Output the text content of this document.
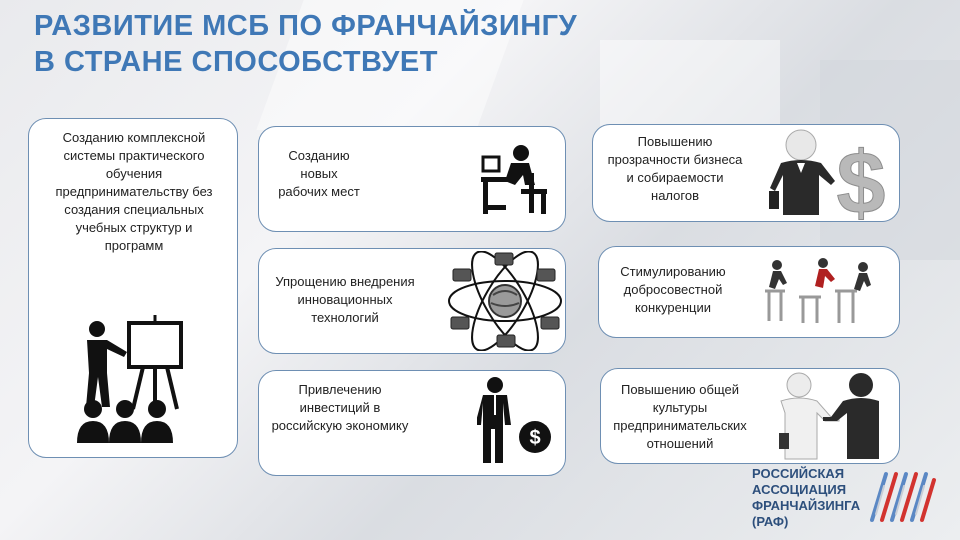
РАЗВИТИЕ МСБ ПО ФРАНЧАЙЗИНГУ
В СТРАНЕ СПОСОБСТВУЕТ
Созданию комплексной
системы практического
обучения
предпринимательству без
создания специальных
учебных структур и
программ
Созданию
новых
рабочих мест
Упрощению внедрения
инновационных
технологий
Привлечению
инвестиций в
российскую экономику
$
Повышению
прозрачности бизнеса
и собираемости
налогов	$
Стимулированию
добросовестной
конкуренции
Повышению общей
культуры
предпринимательских
отношений
РОССИЙСКАЯ
АССОЦИАЦИЯ
ФРАНЧАЙЗИНГА
(РАФ)
